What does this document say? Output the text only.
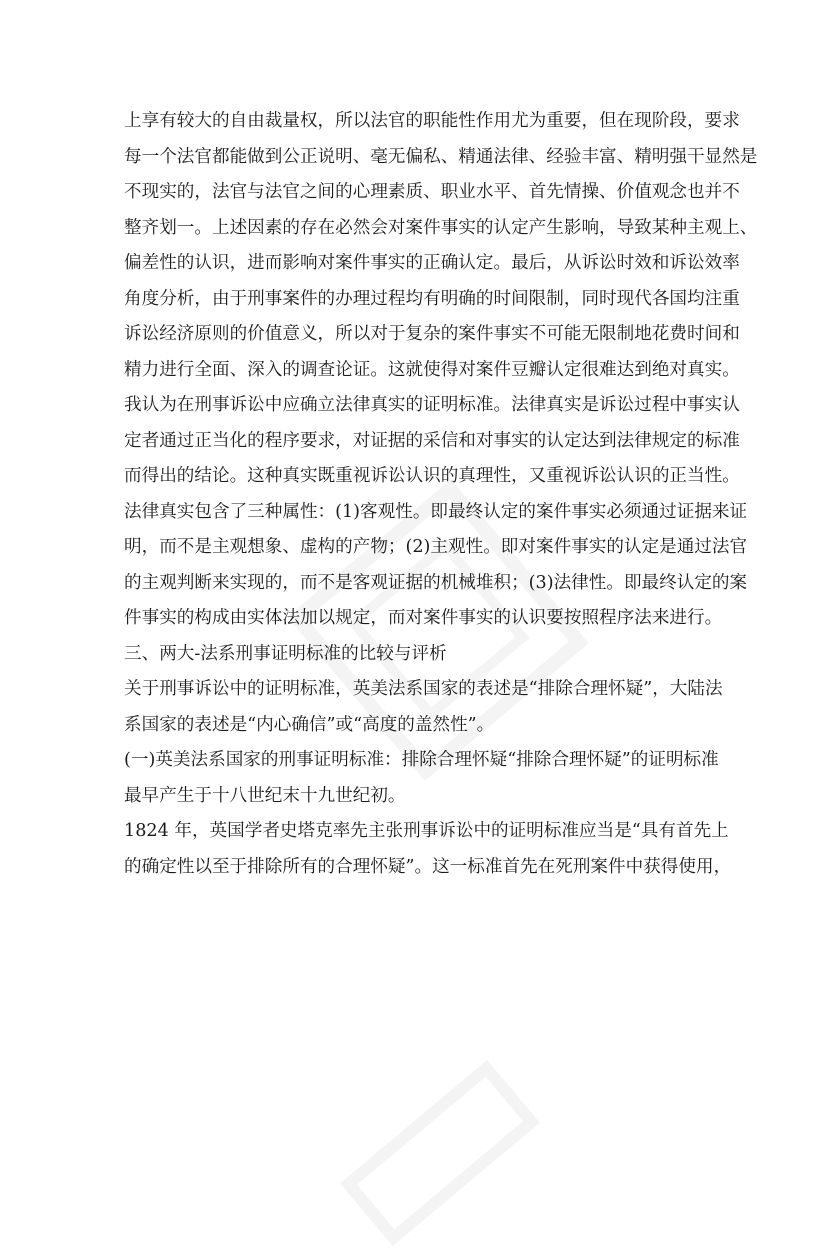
上享有较大的自由裁量权，所以法官的职能性作用尤为重要，但在现阶段，要求
每一个法官都能做到公正说明、毫无偏私、精通法律、经验丰富、精明强干显然是
不现实的，法官与法官之间的心理素质、职业水平、首先情操、价值观念也并不
整齐划一。上述因素的存在必然会对案件事实的认定产生影响，导致某种主观上、
偏差性的认识，进而影响对案件事实的正确认定。最后，从诉讼时效和诉讼效率
角度分析，由于刑事案件的办理过程均有明确的时间限制，同时现代各国均注重
诉讼经济原则的价值意义，所以对于复杂的案件事实不可能无限制地花费时间和
精力进行全面、深入的调查论证。这就使得对案件豆瓣认定很难达到绝对真实。
我认为在刑事诉讼中应确立法律真实的证明标准。法律真实是诉讼过程中事实认
定者通过正当化的程序要求，对证据的采信和对事实的认定达到法律规定的标准
而得出的结论。这种真实既重视诉讼认识的真理性，又重视诉讼认识的正当性。
法律真实包含了三种属性：(1)客观性。即最终认定的案件事实必须通过证据来证
明，而不是主观想象、虚构的产物；(2)主观性。即对案件事实的认定是通过法官
的主观判断来实现的，而不是客观证据的机械堆积；(3)法律性。即最终认定的案
件事实的构成由实体法加以规定，而对案件事实的认识要按照程序法来进行。
三、两大-法系刑事证明标准的比较与评析
关于刑事诉讼中的证明标准，英美法系国家的表述是“排除合理怀疑”，大陆法
系国家的表述是“内心确信”或“高度的盖然性”。
(一)英美法系国家的刑事证明标准：排除合理怀疑“排除合理怀疑”的证明标准
最早产生于十八世纪末十九世纪初。
1824 年，英国学者史塔克率先主张刑事诉讼中的证明标准应当是“具有首先上
的确定性以至于排除所有的合理怀疑”。这一标准首先在死刑案件中获得使用，
